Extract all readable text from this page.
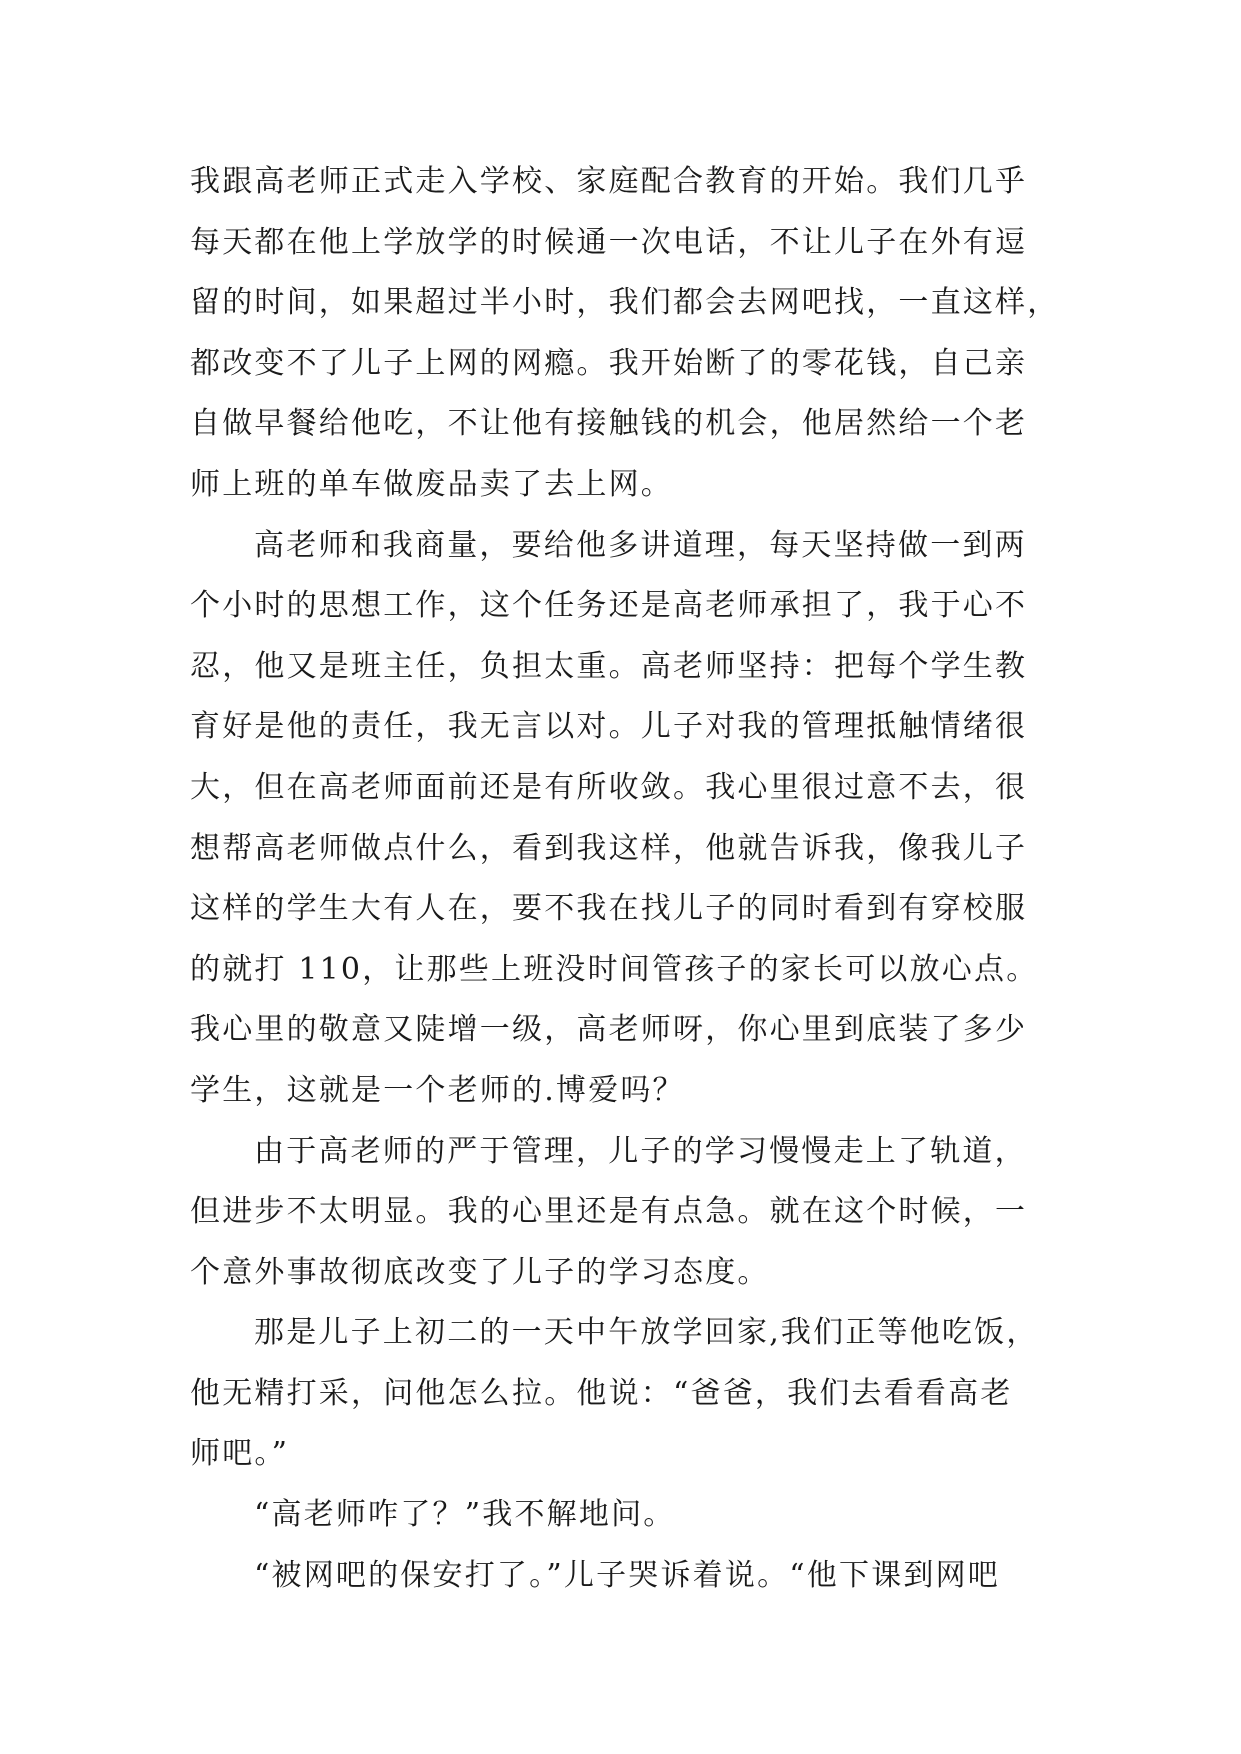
我跟高老师正式走入学校、家庭配合教育的开始。我们几乎
每天都在他上学放学的时候通一次电话，不让儿子在外有逗
留的时间，如果超过半小时，我们都会去网吧找，一直这样，
都改变不了儿子上网的网瘾。我开始断了的零花钱，自己亲
自做早餐给他吃，不让他有接触钱的机会，他居然给一个老
师上班的单车做废品卖了去上网。
高老师和我商量，要给他多讲道理，每天坚持做一到两
个小时的思想工作，这个任务还是高老师承担了，我于心不
忍，他又是班主任，负担太重。高老师坚持：把每个学生教
育好是他的责任，我无言以对。儿子对我的管理抵触情绪很
大，但在高老师面前还是有所收敛。我心里很过意不去，很
想帮高老师做点什么，看到我这样，他就告诉我，像我儿子
这样的学生大有人在，要不我在找儿子的同时看到有穿校服
的就打 110，让那些上班没时间管孩子的家长可以放心点。
我心里的敬意又陡增一级，高老师呀，你心里到底装了多少
学生，这就是一个老师的.博爱吗？
由于高老师的严于管理，儿子的学习慢慢走上了轨道，
但进步不太明显。我的心里还是有点急。就在这个时候，一
个意外事故彻底改变了儿子的学习态度。
那是儿子上初二的一天中午放学回家,我们正等他吃饭，
他无精打采，问他怎么拉。他说：“爸爸，我们去看看高老
师吧。”
“高老师咋了？”我不解地问。
“被网吧的保安打了。”儿子哭诉着说。“他下课到网吧
